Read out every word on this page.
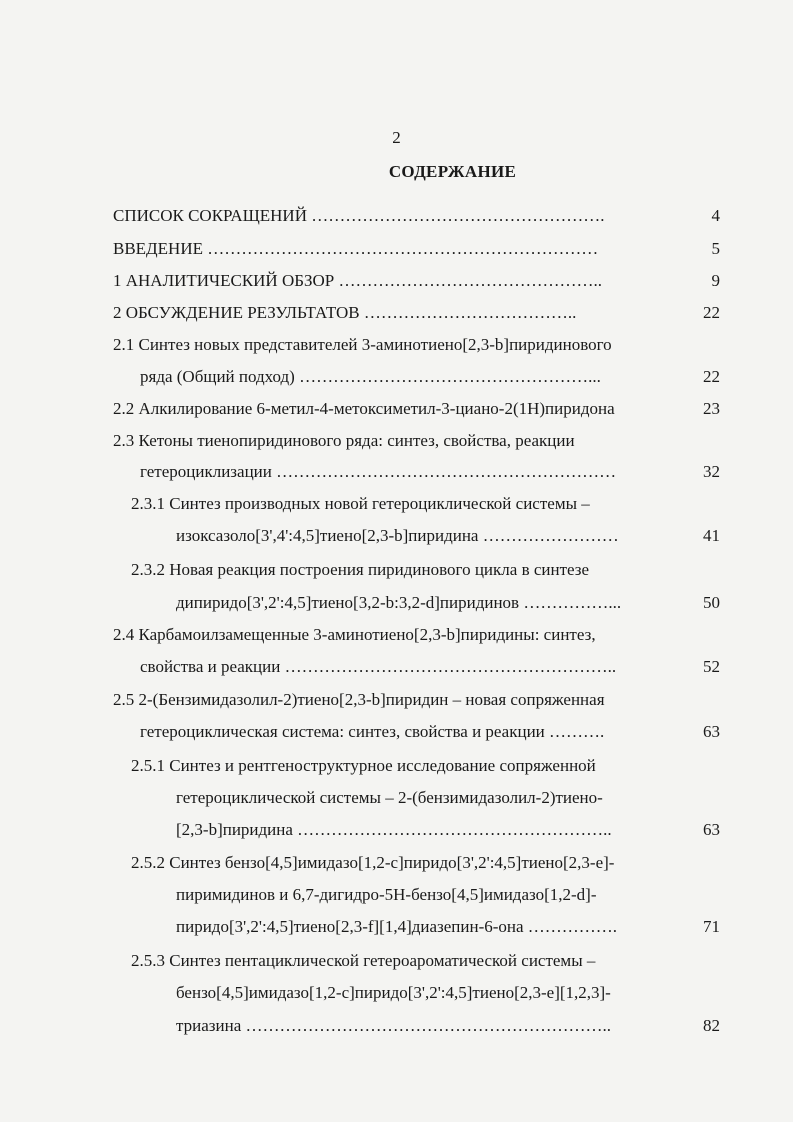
2
СОДЕРЖАНИЕ
СПИСОК СОКРАЩЕНИЙ …………………………………………….	4
ВВЕДЕНИЕ ……………………………………………………………	5
1 АНАЛИТИЧЕСКИЙ ОБЗОР ………………………………………..	9
2 ОБСУЖДЕНИЕ РЕЗУЛЬТАТОВ ………………………………..	22
2.1 Синтез новых представителей 3-аминотиено[2,3-b]пиридинового
ряда (Общий подход) ……………………………………………...	22
2.2 Алкилирование 6-метил-4-метоксиметил-3-циано-2(1Н)пиридона	23
2.3 Кетоны тиенопиридинового ряда: синтез, свойства, реакции
гетероциклизации ……………………………………………………	32
2.3.1 Синтез производных новой гетероциклической системы –
изоксазоло[3',4':4,5]тиено[2,3-b]пиридина ……………………	41
2.3.2 Новая реакция построения пиридинового цикла в синтезе
дипиридо[3',2':4,5]тиено[3,2-b:3,2-d]пиридинов ……………...	50
2.4 Карбамоилзамещенные 3-аминотиено[2,3-b]пиридины: синтез,
свойства и реакции …………………………………………………..	52
2.5 2-(Бензимидазолил-2)тиено[2,3-b]пиридин – новая сопряженная
гетероциклическая система: синтез, свойства и реакции ……….	63
2.5.1 Синтез и рентгеноструктурное исследование сопряженной
гетероциклической системы – 2-(бензимидазолил-2)тиено-
[2,3-b]пиридина ………………………………………………..	63
2.5.2 Синтез бензо[4,5]имидазо[1,2-c]пиридо[3',2':4,5]тиено[2,3-e]-
пиримидинов и 6,7-дигидро-5H-бензо[4,5]имидазо[1,2-d]-
пиридо[3',2':4,5]тиено[2,3-f][1,4]диазепин-6-она …………….	71
2.5.3 Синтез пентациклической гетероароматической системы –
бензо[4,5]имидазо[1,2-c]пиридо[3',2':4,5]тиено[2,3-e][1,2,3]-
триазина ………………………………………………………..	82
